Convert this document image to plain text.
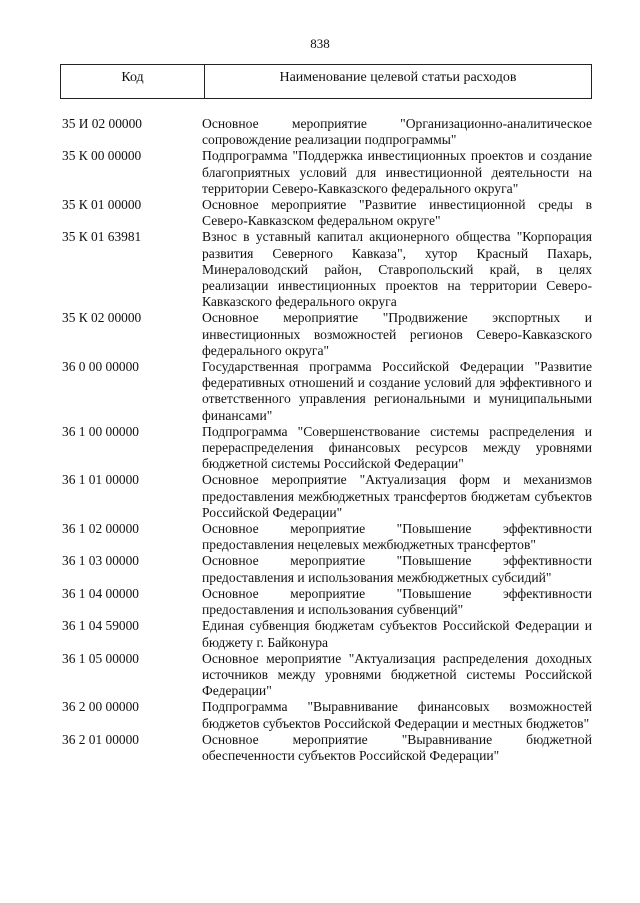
838
Код	Наименование целевой статьи расходов
35 И 02 00000	Основное мероприятие "Организационно-аналитическое сопровождение реализации подпрограммы"
35 К 00 00000	Подпрограмма "Поддержка инвестиционных проектов и создание благоприятных условий для инвестиционной деятельности на территории Северо-Кавказского федерального округа"
35 К 01 00000	Основное мероприятие "Развитие инвестиционной среды в Северо-Кавказском федеральном округе"
35 К 01 63981	Взнос в уставный капитал акционерного общества "Корпорация развития Северного Кавказа", хутор Красный Пахарь, Минераловодский район, Ставропольский край, в целях реализации инвестиционных проектов на территории Северо-Кавказского федерального округа
35 К 02 00000	Основное мероприятие "Продвижение экспортных и инвестиционных возможностей регионов Северо-Кавказского федерального округа"
36 0 00 00000	Государственная программа Российской Федерации "Развитие федеративных отношений и создание условий для эффективного и ответственного управления региональными и муниципальными финансами"
36 1 00 00000	Подпрограмма "Совершенствование системы распределения и перераспределения финансовых ресурсов между уровнями бюджетной системы Российской Федерации"
36 1 01 00000	Основное мероприятие "Актуализация форм и механизмов предоставления межбюджетных трансфертов бюджетам субъектов Российской Федерации"
36 1 02 00000	Основное мероприятие "Повышение эффективности предоставления нецелевых межбюджетных трансфертов"
36 1 03 00000	Основное мероприятие "Повышение эффективности предоставления и использования межбюджетных субсидий"
36 1 04 00000	Основное мероприятие "Повышение эффективности предоставления и использования субвенций"
36 1 04 59000	Единая субвенция бюджетам субъектов Российской Федерации и бюджету г. Байконура
36 1 05 00000	Основное мероприятие "Актуализация распределения доходных источников между уровнями бюджетной системы Российской Федерации"
36 2 00 00000	Подпрограмма "Выравнивание финансовых возможностей бюджетов субъектов Российской Федерации и местных бюджетов"
36 2 01 00000	Основное мероприятие "Выравнивание бюджетной обеспеченности субъектов Российской Федерации"
